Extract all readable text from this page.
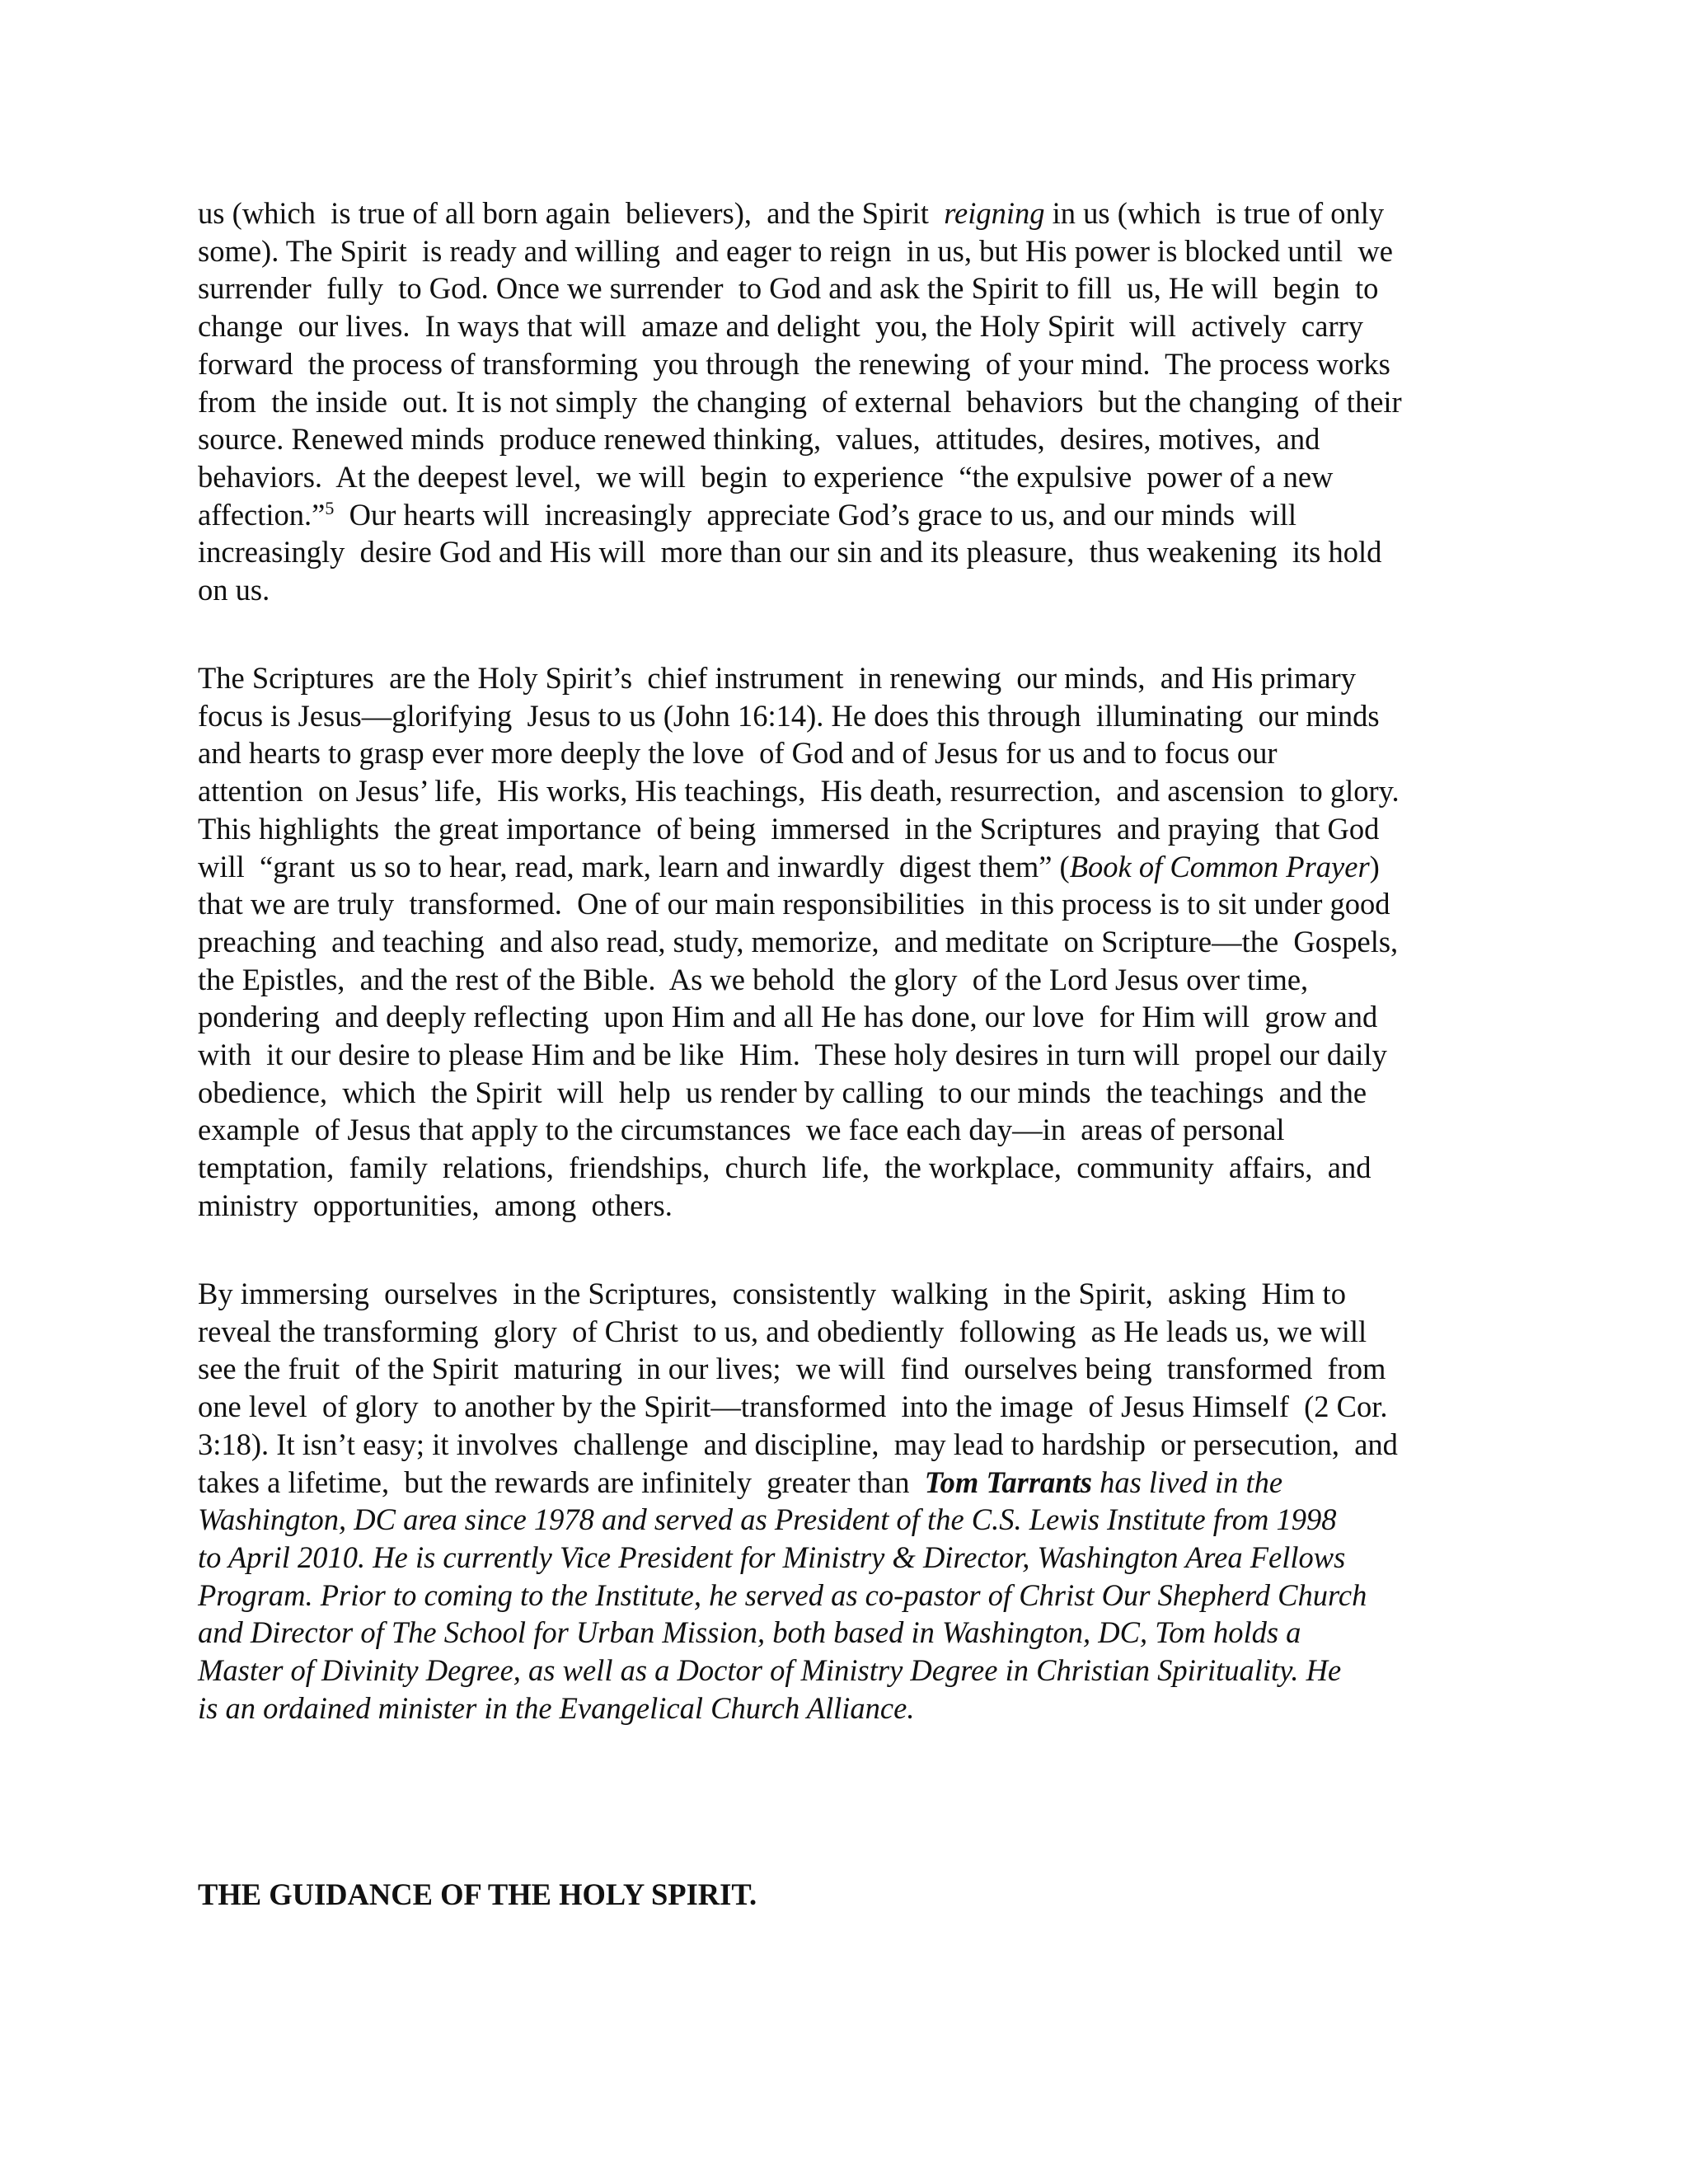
us (which  is true of all born again  believers),  and the Spirit  reigning in us (which  is true of only
some). The Spirit  is ready and willing  and eager to reign  in us, but His power is blocked until  we
surrender  fully  to God. Once we surrender  to God and ask the Spirit to fill  us, He will  begin  to
change  our lives.  In ways that will  amaze and delight  you, the Holy Spirit  will  actively  carry
forward  the process of transforming  you through  the renewing  of your mind.  The process works
from  the inside  out. It is not simply  the changing  of external  behaviors  but the changing  of their
source. Renewed minds  produce renewed thinking,  values,  attitudes,  desires, motives,  and
behaviors.  At the deepest level,  we will  begin  to experience  “the expulsive  power of a new
affection.”$^5$  Our hearts will  increasingly  appreciate God’s grace to us, and our minds  will
increasingly  desire God and His will  more than our sin and its pleasure,  thus weakening  its hold
on us.
The Scriptures  are the Holy Spirit’s  chief instrument  in renewing  our minds,  and His primary
focus is Jesus—glorifying  Jesus to us (John 16:14). He does this through  illuminating  our minds
and hearts to grasp ever more deeply the love  of God and of Jesus for us and to focus our
attention  on Jesus’ life,  His works, His teachings,  His death, resurrection,  and ascension  to glory.
This highlights  the great importance  of being  immersed  in the Scriptures  and praying  that God
will  “grant  us so to hear, read, mark, learn and inwardly  digest them” (Book of Common Prayer)
that we are truly  transformed.  One of our main responsibilities  in this process is to sit under good
preaching  and teaching  and also read, study, memorize,  and meditate  on Scripture—the  Gospels,
the Epistles,  and the rest of the Bible.  As we behold  the glory  of the Lord Jesus over time,
pondering  and deeply reflecting  upon Him and all He has done, our love  for Him will  grow and
with  it our desire to please Him and be like  Him.  These holy desires in turn will  propel our daily
obedience,  which  the Spirit  will  help  us render by calling  to our minds  the teachings  and the
example  of Jesus that apply to the circumstances  we face each day—in  areas of personal
temptation,  family  relations,  friendships,  church  life,  the workplace,  community  affairs,  and
ministry  opportunities,  among  others.
By immersing  ourselves  in the Scriptures,  consistently  walking  in the Spirit,  asking  Him to
reveal the transforming  glory  of Christ  to us, and obediently  following  as He leads us, we will
see the fruit  of the Spirit  maturing  in our lives;  we will  find  ourselves being  transformed  from
one level  of glory  to another by the Spirit—transformed  into the image  of Jesus Himself  (2 Cor.
3:18). It isn’t easy; it involves  challenge  and discipline,  may lead to hardship  or persecution,  and
takes a lifetime,  but the rewards are infinitely  greater than  Tom Tarrants has lived in the
Washington, DC area since 1978 and served as President of the C.S. Lewis Institute from 1998
to April 2010. He is currently Vice President for Ministry & Director, Washington Area Fellows
Program. Prior to coming to the Institute, he served as co-pastor of Christ Our Shepherd Church
and Director of The School for Urban Mission, both based in Washington, DC, Tom holds a
Master of Divinity Degree, as well as a Doctor of Ministry Degree in Christian Spirituality. He
is an ordained minister in the Evangelical Church Alliance.
THE GUIDANCE OF THE HOLY SPIRIT.
